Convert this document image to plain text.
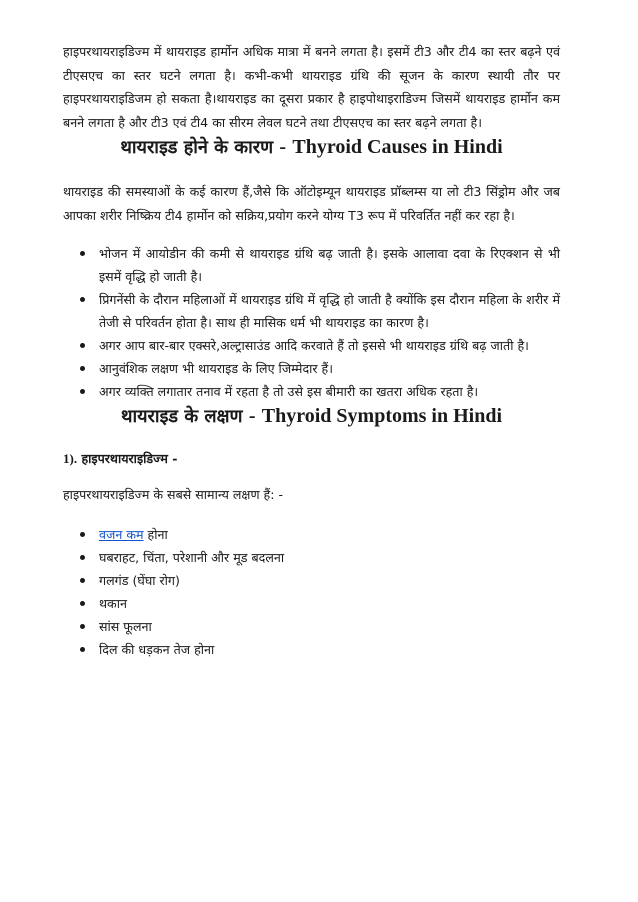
हाइपरथायराइडिज्म में थायराइड हार्मोन अधिक मात्रा में बनने लगता है। इसमें टी3 और टी4 का स्तर बढ़ने एवं टीएसएच का स्तर घटने लगता है। कभी-कभी थायराइड ग्रंथि की सूजन के कारण स्थायी तौर पर हाइपरथायराइडिजम हो सकता है।थायराइड का दूसरा प्रकार है हाइपोथाइराडिज्म जिसमें थायराइड हार्मोन कम बनने लगता है और टी3 एवं टी4 का सीरम लेवल घटने तथा टीएसएच का स्तर बढ़ने लगता है।

थायराइड होने के कारण - Thyroid Causes in Hindi

थायराइड की समस्याओं के कई कारण हैं,जैसे कि ऑटोइम्यून थायराइड प्रॉब्लम्स या लो टी3 सिंड्रोम और जब आपका शरीर निष्क्रिय टी4 हार्मोन को सक्रिय,प्रयोग करने योग्य T3 रूप में परिवर्तित नहीं कर रहा है।

भोजन में आयोडीन की कमी से थायराइड ग्रंथि बढ़ जाती है। इसके आलावा दवा के रिएक्शन से भी इसमें वृद्धि हो जाती है।
प्रिगनेंसी के दौरान महिलाओं में थायराइड ग्रंथि में वृद्धि हो जाती है क्योंकि इस दौरान महिला के शरीर में तेजी से परिवर्तन होता है। साथ ही मासिक धर्म भी थायराइड का कारण है।
अगर आप बार-बार एक्सरे,अल्ट्रासाउंड आदि करवाते हैं तो इससे भी थायराइड ग्रंथि बढ़ जाती है।
आनुवंशिक लक्षण भी थायराइड के लिए जिम्मेदार हैं।
अगर व्यक्ति लगातार तनाव में रहता है तो उसे इस बीमारी का खतरा अधिक रहता है।
थायराइड के लक्षण - Thyroid Symptoms in Hindi

1). हाइपरथायराइडिज्म -

हाइपरथायराइडिज्म के सबसे सामान्य लक्षण हैं: -

वजन कम होना
घबराहट, चिंता, परेशानी और मूड बदलना
गलगंड (घेंघा रोग)
थकान
सांस फूलना
दिल की धड़कन तेज होना
